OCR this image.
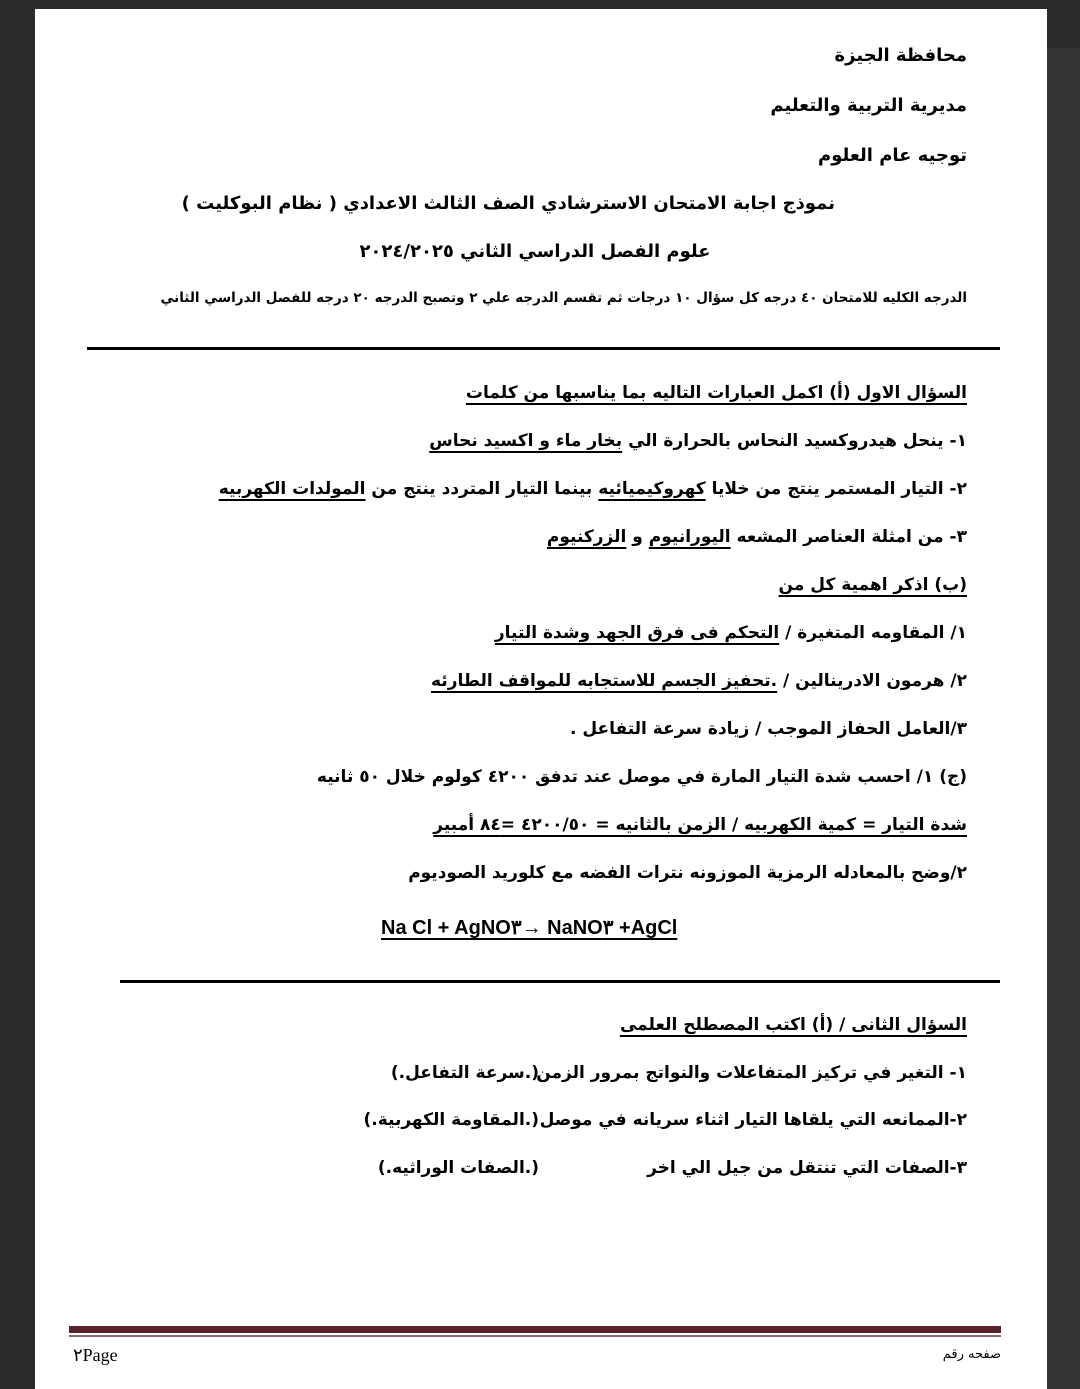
محافظة الجيزة
مديرية التربية والتعليم
توجيه عام العلوم
نموذج اجابة الامتحان الاسترشادي الصف الثالث الاعدادي ( نظام البوكليت )
علوم الفصل الدراسي الثاني ٢٠٢٤/٢٠٢٥
الدرجه الكليه للامتحان ٤٠ درجه كل سؤال ١٠ درجات ثم تقسم الدرجه علي ٢ وتصبح الدرجه ٢٠ درجه للفصل الدراسي الثاني
السؤال الاول (أ) اكمل العبارات التاليه بما يناسبها من كلمات
١- ينحل هيدروكسيد النحاس بالحرارة الي بخار ماء و اكسيد نحاس
٢- التيار المستمر ينتج من خلايا كهروكيميائيه بينما التيار المتردد ينتج من المولدات الكهربيه
٣- من امثلة العناصر المشعه اليورانيوم و الزركنيوم
(ب) اذكر اهمية كل من
١/ المقاومه المتغيرة / التحكم فى فرق الجهد وشدة التيار
٢/ هرمون الادرينالين / .تحفيز الجسم للاستجابه للمواقف الطارئه
٣/العامل الحفاز الموجب / زيادة سرعة التفاعل .
(ج) ١/ احسب شدة التيار المارة في موصل عند تدفق ٤٢٠٠ كولوم خلال ٥٠ ثانيه
شدة التيار = كمية الكهربيه / الزمن بالثانيه = ٤٢٠٠/٥٠ =٨٤ أمبير
٢/وضح بالمعادله الرمزية الموزونه نترات الفضه مع كلوريد الصوديوم
Na Cl + AgNO٣→ NaNO٣ +AgCl
السؤال الثانى / (أ) اكتب المصطلح العلمى
١- التغير في تركيز المتفاعلات والنواتج بمرور الزمن
(.سرعة التفاعل.)
٢-الممانعه التي يلقاها التيار اثناء سريانه في موصل
(.المقاومة الكهربية.)
٣-الصفات التي تنتقل من جيل الي اخر
(.الصفات الوراثيه.)
٢Page	صفحه رقم
